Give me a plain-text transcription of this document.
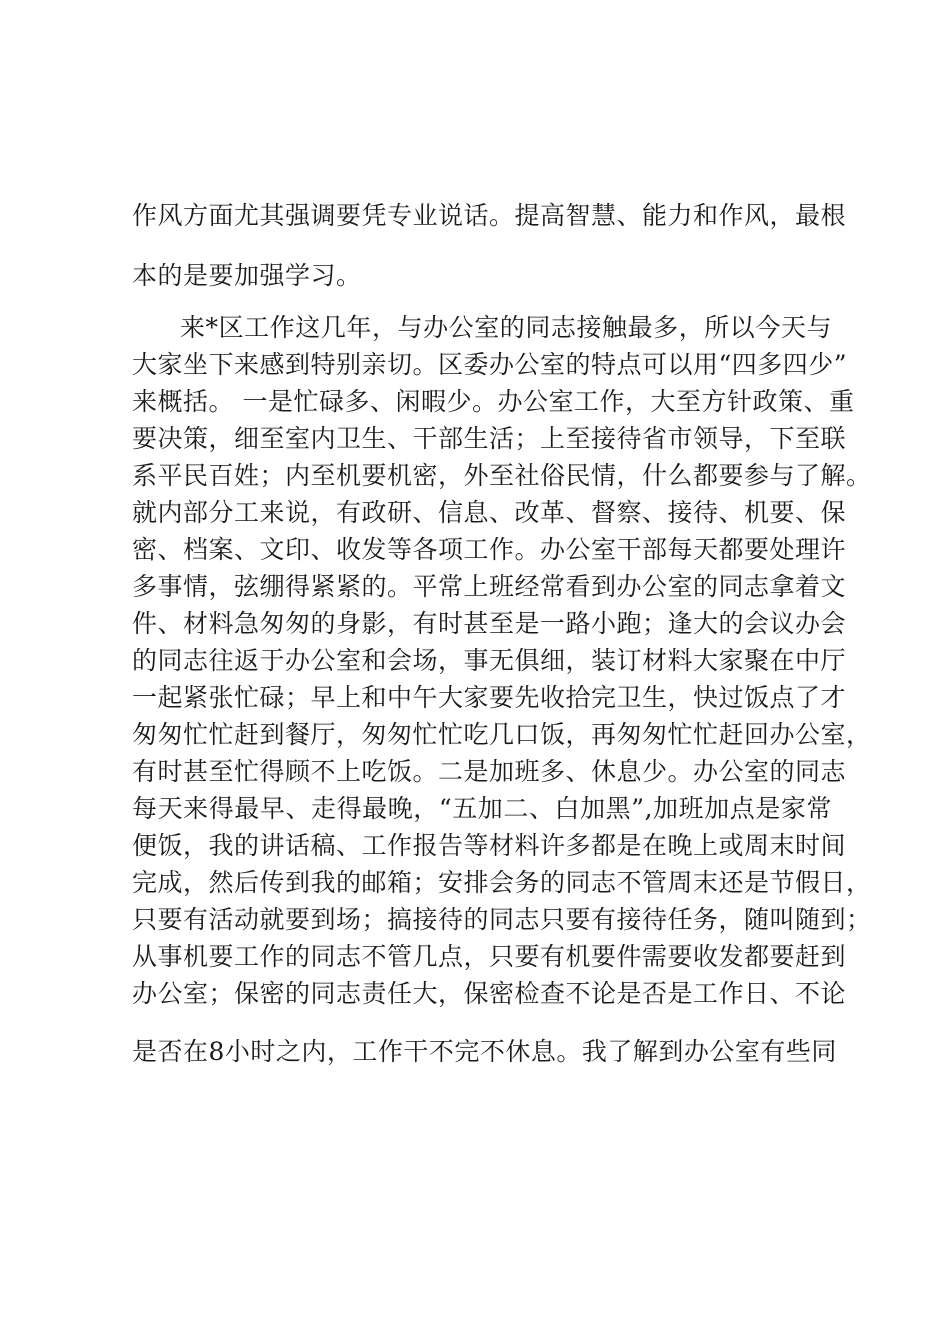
作风方面尤其强调要凭专业说话。提高智慧、能力和作风，最根
本的是要加强学习。
来*区工作这几年，与办公室的同志接触最多，所以今天与
大家坐下来感到特别亲切。区委办公室的特点可以用“四多四少”
来概括。 一是忙碌多、闲暇少。办公室工作，大至方针政策、重
要决策，细至室内卫生、干部生活；上至接待省市领导，下至联
系平民百姓；内至机要机密，外至社俗民情，什么都要参与了解。
就内部分工来说，有政研、信息、改革、督察、接待、机要、保
密、档案、文印、收发等各项工作。办公室干部每天都要处理许
多事情，弦绷得紧紧的。平常上班经常看到办公室的同志拿着文
件、材料急匆匆的身影，有时甚至是一路小跑；逢大的会议办会
的同志往返于办公室和会场，事无俱细，装订材料大家聚在中厅
一起紧张忙碌；早上和中午大家要先收拾完卫生，快过饭点了才
匆匆忙忙赶到餐厅，匆匆忙忙吃几口饭，再匆匆忙忙赶回办公室，
有时甚至忙得顾不上吃饭。二是加班多、休息少。办公室的同志
每天来得最早、走得最晚，“五加二、白加黑”,加班加点是家常
便饭，我的讲话稿、工作报告等材料许多都是在晚上或周末时间
完成，然后传到我的邮箱；安排会务的同志不管周末还是节假日，
只要有活动就要到场；搞接待的同志只要有接待任务，随叫随到；
从事机要工作的同志不管几点，只要有机要件需要收发都要赶到
办公室；保密的同志责任大，保密检查不论是否是工作日、不论
是否在8小时之内，工作干不完不休息。我了解到办公室有些同
